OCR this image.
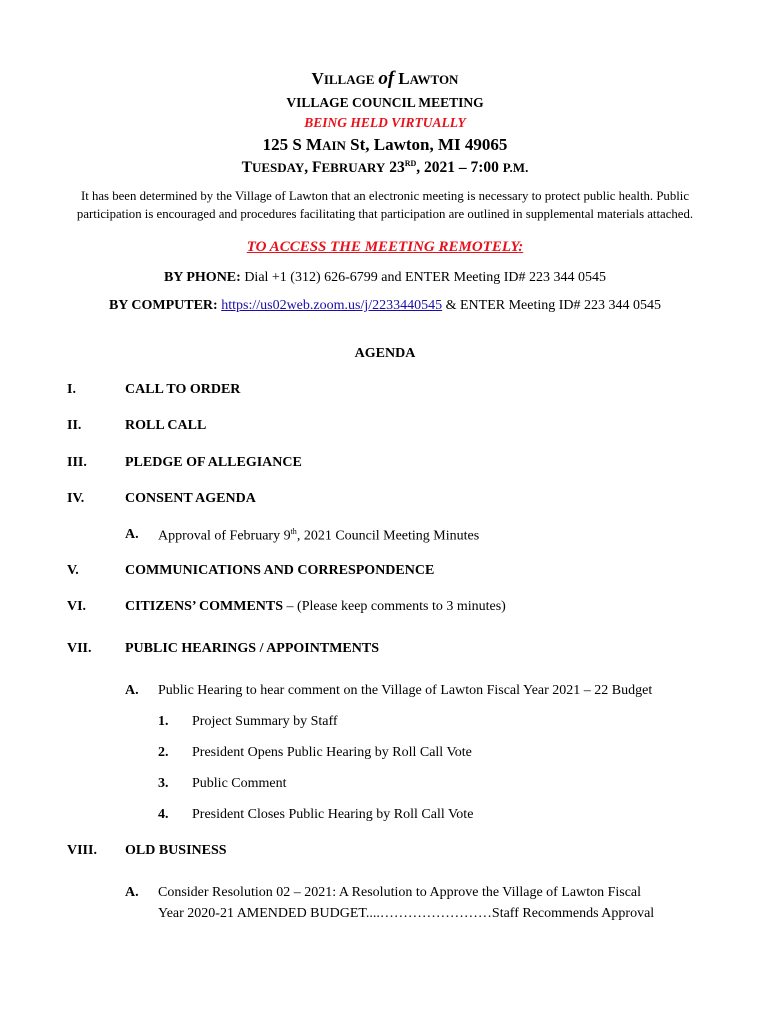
VILLAGE of LAWTON
VILLAGE COUNCIL MEETING
BEING HELD VIRTUALLY
125 S MAIN St, Lawton, MI 49065
TUESDAY, FEBRUARY 23RD, 2021 – 7:00 P.M.
It has been determined by the Village of Lawton that an electronic meeting is necessary to protect public health. Public
participation is encouraged and procedures facilitating that participation are outlined in supplemental materials attached.
TO ACCESS THE MEETING REMOTELY:
BY PHONE: Dial +1 (312) 626-6799 and ENTER Meeting ID# 223 344 0545
BY COMPUTER: https://us02web.zoom.us/j/2233440545 & ENTER Meeting ID# 223 344 0545
AGENDA
I.	CALL TO ORDER
II.	ROLL CALL
III.	PLEDGE OF ALLEGIANCE
IV.	CONSENT AGENDA
A. Approval of February 9th, 2021 Council Meeting Minutes
V.	COMMUNICATIONS AND CORRESPONDENCE
VI.	CITIZENS’ COMMENTS – (Please keep comments to 3 minutes)
VII. PUBLIC HEARINGS / APPOINTMENTS
A. Public Hearing to hear comment on the Village of Lawton Fiscal Year 2021 – 22 Budget
1. Project Summary by Staff
2. President Opens Public Hearing by Roll Call Vote
3. Public Comment
4. President Closes Public Hearing by Roll Call Vote
VIII. OLD BUSINESS
A. Consider Resolution 02 – 2021: A Resolution to Approve the Village of Lawton Fiscal
Year 2020-21 AMENDED BUDGET....……………………Staff Recommends Approval
